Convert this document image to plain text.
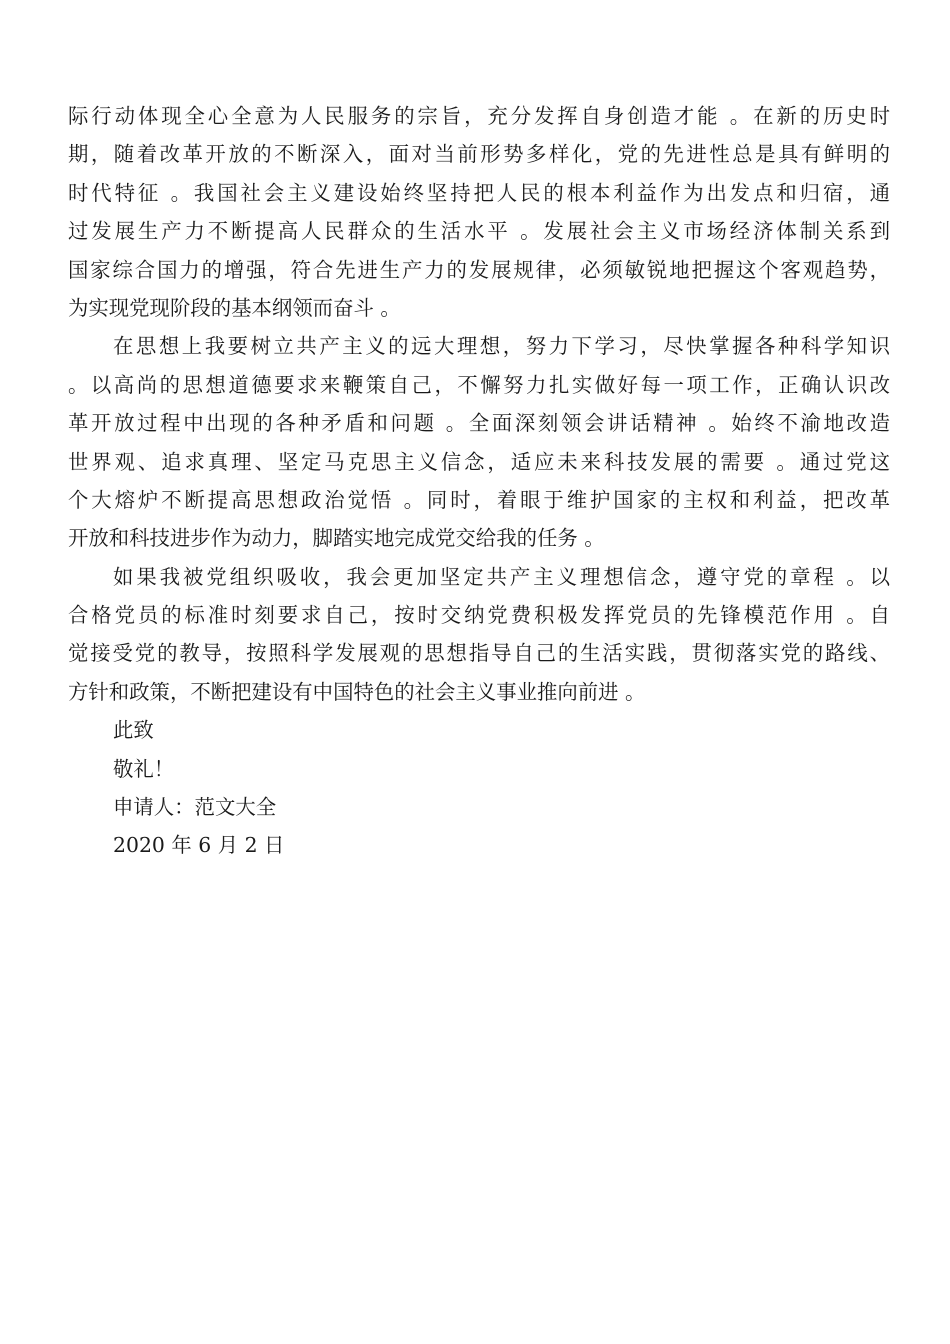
际行动体现全心全意为人民服务的宗旨，充分发挥自身创造才能 。在新的历史时
期，随着改革开放的不断深入，面对当前形势多样化，党的先进性总是具有鲜明的
时代特征 。我国社会主义建设始终坚持把人民的根本利益作为出发点和归宿，通
过发展生产力不断提高人民群众的生活水平 。发展社会主义市场经济体制关系到
国家综合国力的增强，符合先进生产力的发展规律，必须敏锐地把握这个客观趋势，
为实现党现阶段的基本纲领而奋斗 。
在思想上我要树立共产主义的远大理想，努力下学习，尽快掌握各种科学知识
。以高尚的思想道德要求来鞭策自己，不懈努力扎实做好每一项工作，正确认识改
革开放过程中出现的各种矛盾和问题 。全面深刻领会讲话精神 。始终不渝地改造
世界观、追求真理、坚定马克思主义信念，适应未来科技发展的需要 。通过党这
个大熔炉不断提高思想政治觉悟 。同时，着眼于维护国家的主权和利益，把改革
开放和科技进步作为动力，脚踏实地完成党交给我的任务 。
如果我被党组织吸收，我会更加坚定共产主义理想信念，遵守党的章程 。以
合格党员的标准时刻要求自己，按时交纳党费积极发挥党员的先锋模范作用 。自
觉接受党的教导，按照科学发展观的思想指导自己的生活实践，贯彻落实党的路线、
方针和政策，不断把建设有中国特色的社会主义事业推向前进 。
此致
敬礼！
申请人：范文大全
2020 年 6 月 2 日
